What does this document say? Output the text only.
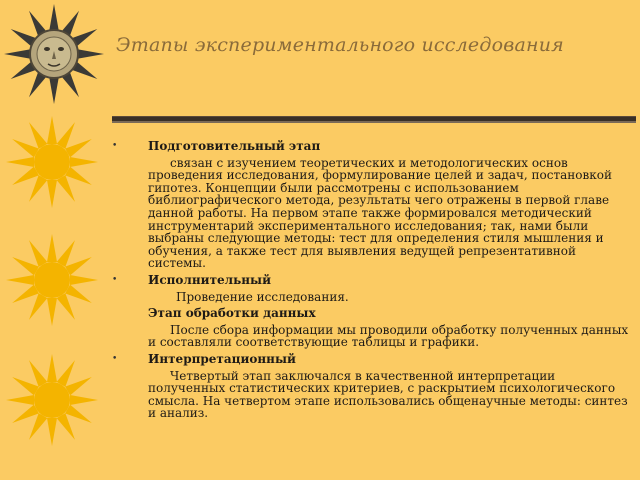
Этапы экспериментального исследования
• Подготовительный этап
связан с изучением теоретических и методологических основ проведения исследования, формулирование целей и задач, постановкой гипотез. Концепции были рассмотрены с использованием библиографического метода, результаты чего отражены в первой главе данной работы. На первом этапе также формировался методический инструментарий экспериментального исследования; так, нами были выбраны следующие методы: тест для определения стиля мышления и обучения, а также тест для выявления ведущей репрезентативной системы.
• Исполнительный
Проведение исследования.
Этап обработки данных
После сбора информации мы проводили обработку полученных данных и составляли соответствующие таблицы и графики.
• Интерпретационный
Четвертый этап заключался в качественной интерпретации полученных статистических критериев, с раскрытием психологического смысла. На четвертом этапе использовались общенаучные методы: синтез и анализ.
